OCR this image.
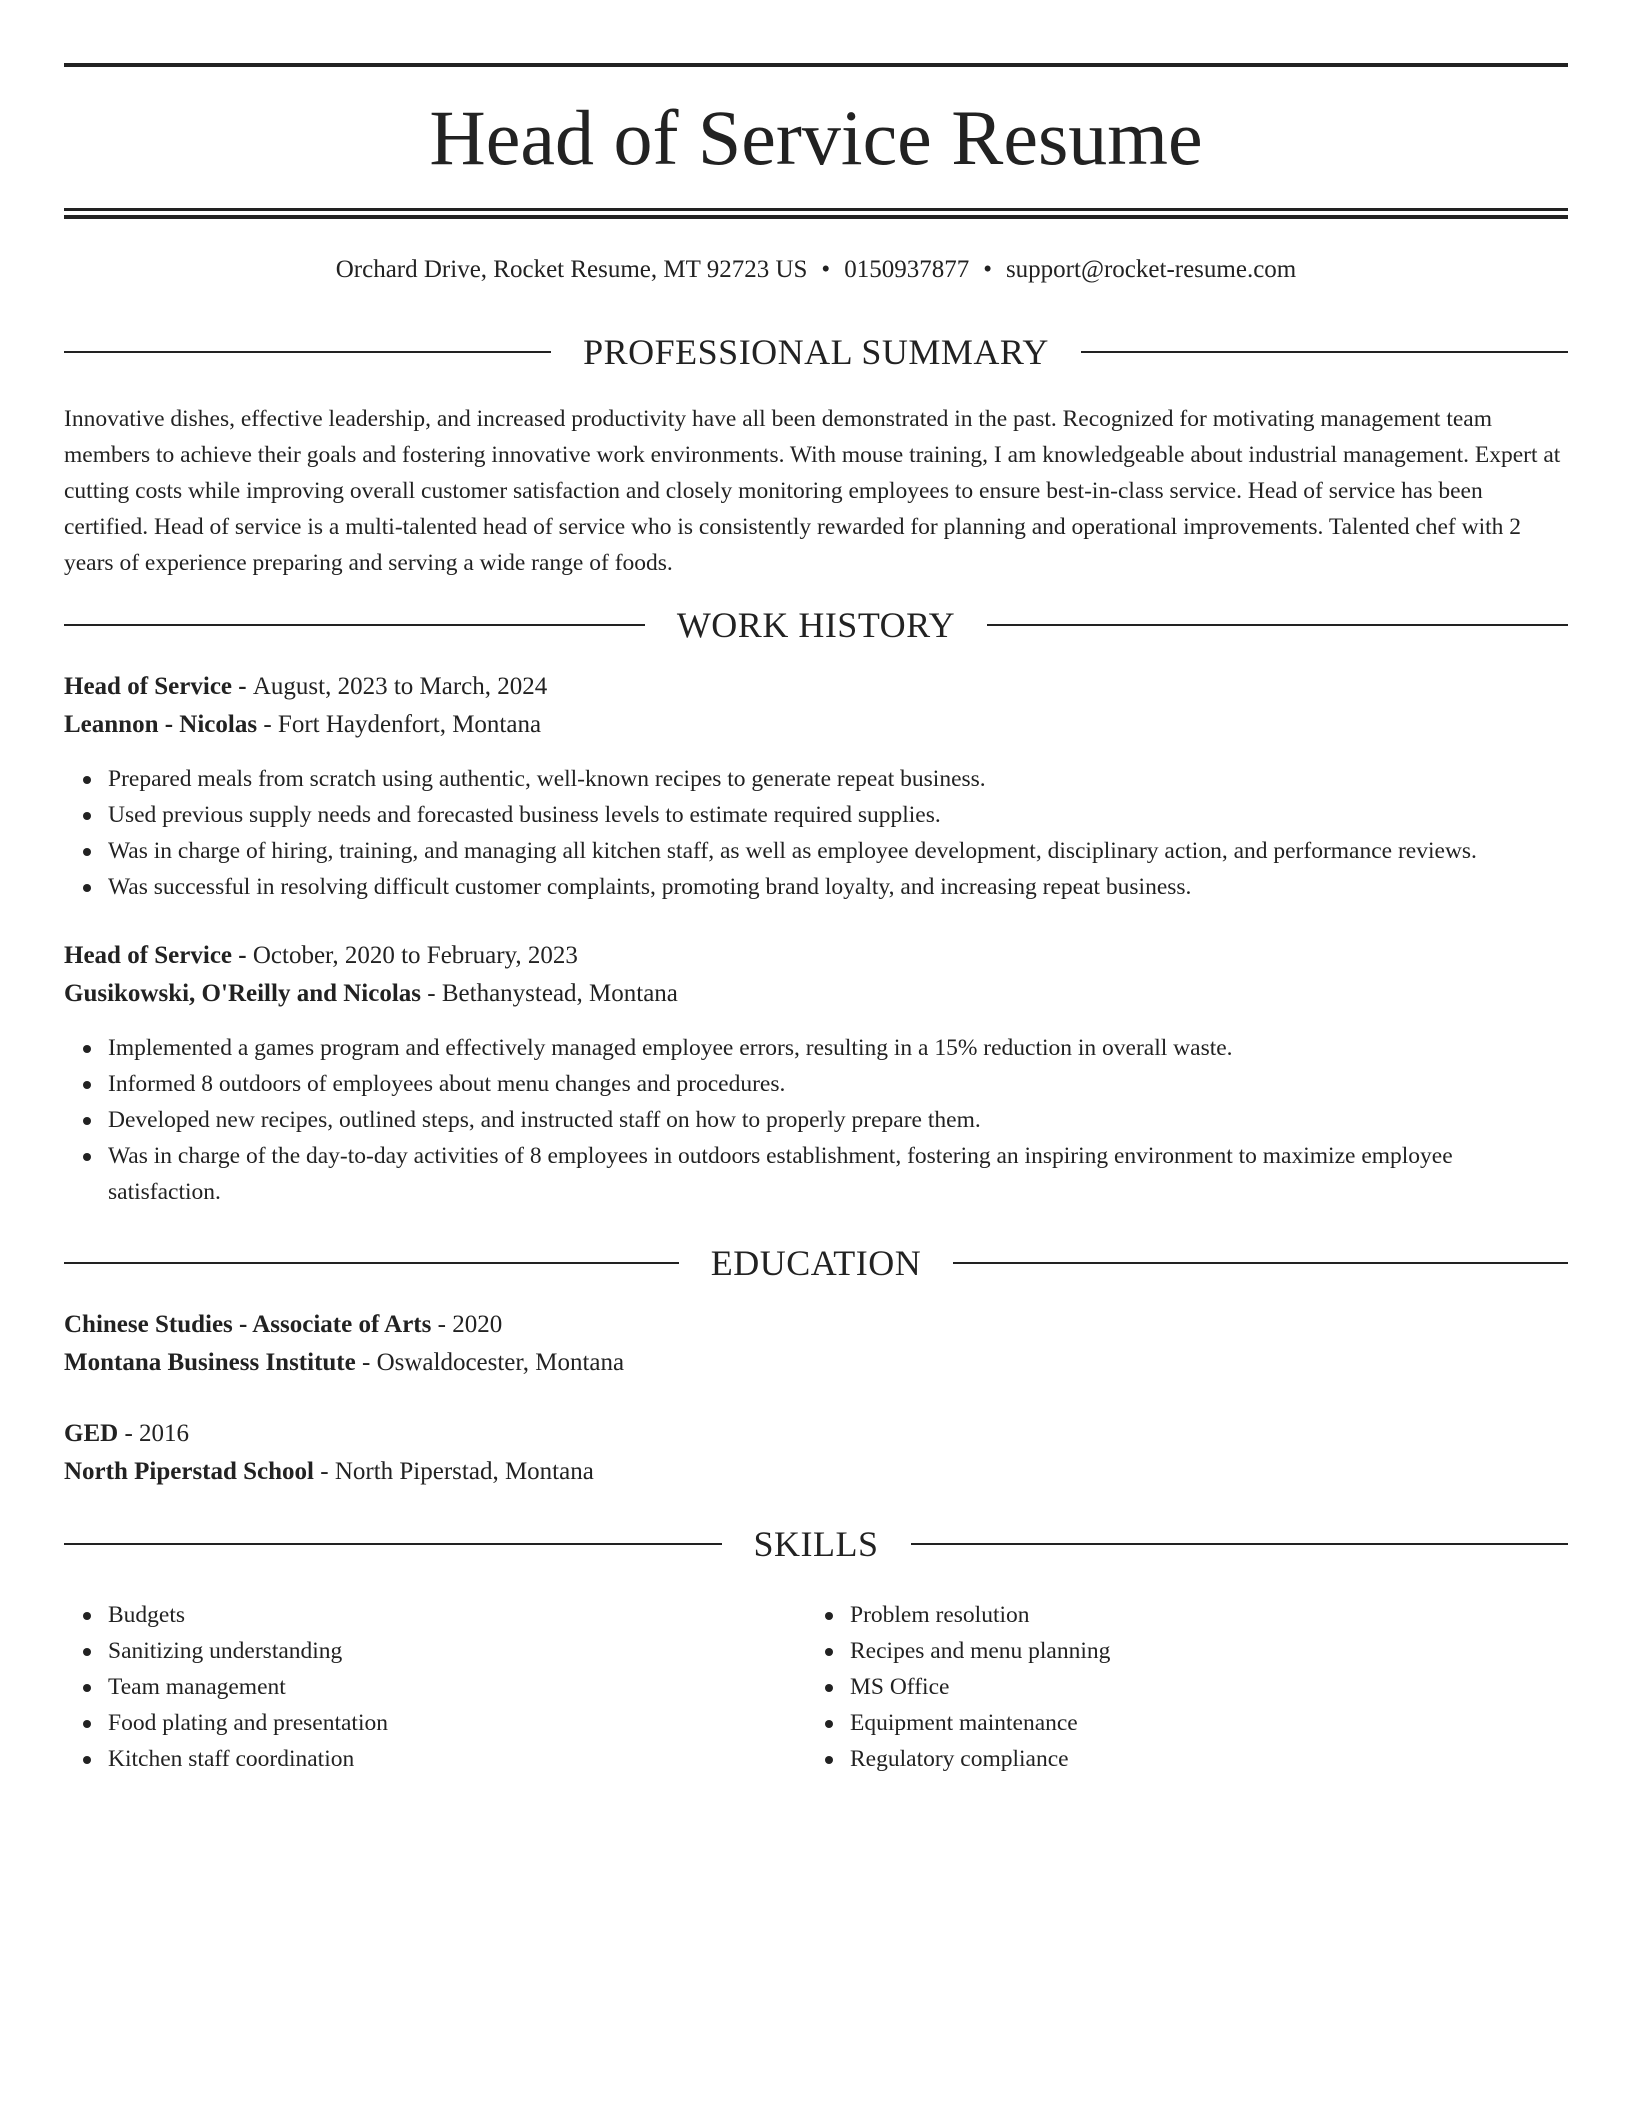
Head of Service Resume
Orchard Drive, Rocket Resume, MT 92723 US • 0150937877 • support@rocket-resume.com
PROFESSIONAL SUMMARY

Innovative dishes, effective leadership, and increased productivity have all been demonstrated in the past. Recognized for motivating management team members to achieve their goals and fostering innovative work environments. With mouse training, I am knowledgeable about industrial management. Expert at cutting costs while improving overall customer satisfaction and closely monitoring employees to ensure best-in-class service. Head of service has been certified. Head of service is a multi-talented head of service who is consistently rewarded for planning and operational improvements. Talented chef with 2 years of experience preparing and serving a wide range of foods.

WORK HISTORY
Head of Service - August, 2023 to March, 2024
Leannon - Nicolas - Fort Haydenfort, Montana
Prepared meals from scratch using authentic, well-known recipes to generate repeat business.
Used previous supply needs and forecasted business levels to estimate required supplies.
Was in charge of hiring, training, and managing all kitchen staff, as well as employee development, disciplinary action, and performance reviews.
Was successful in resolving difficult customer complaints, promoting brand loyalty, and increasing repeat business.
Head of Service - October, 2020 to February, 2023
Gusikowski, O'Reilly and Nicolas - Bethanystead, Montana
Implemented a games program and effectively managed employee errors, resulting in a 15% reduction in overall waste.
Informed 8 outdoors of employees about menu changes and procedures.
Developed new recipes, outlined steps, and instructed staff on how to properly prepare them.
Was in charge of the day-to-day activities of 8 employees in outdoors establishment, fostering an inspiring environment to maximize employee satisfaction.
EDUCATION
Chinese Studies - Associate of Arts - 2020
Montana Business Institute - Oswaldocester, Montana
GED - 2016
North Piperstad School - North Piperstad, Montana
SKILLS
Budgets
Sanitizing understanding
Team management
Food plating and presentation
Kitchen staff coordination
Problem resolution
Recipes and menu planning
MS Office
Equipment maintenance
Regulatory compliance
